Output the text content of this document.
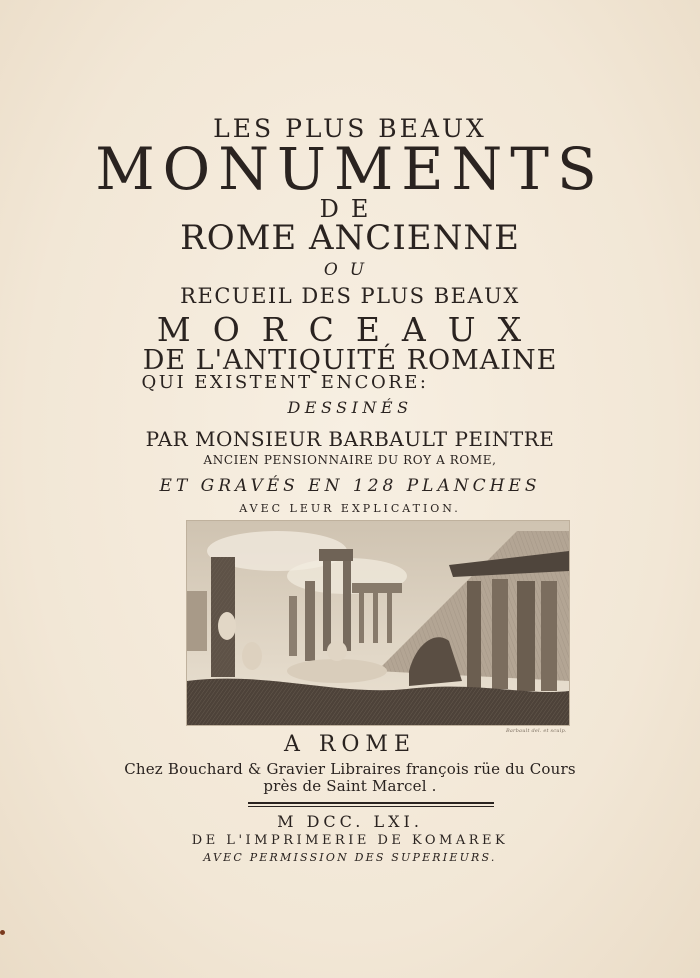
LES PLUS BEAUX
MONUMENTS
DE
ROME ANCIENNE
OU
RECUEIL DES PLUS BEAUX
MORCEAUX
DE L'ANTIQUITÉ ROMAINE
QUI EXISTENT ENCORE:
DESSINÉS
PAR MONSIEUR BARBAULT PEINTRE
ANCIEN PENSIONNAIRE DU ROY A ROME,
ET GRAVÉS EN 128 PLANCHES
AVEC LEUR EXPLICATION.
Barbault del. et sculp.
A ROME
Chez Bouchard & Gravier Libraires françois rüe du Cours
près de Saint Marcel .
M DCC. LXI.
DE L'IMPRIMERIE DE KOMAREK
AVEC PERMISSION DES SUPERIEURS.
